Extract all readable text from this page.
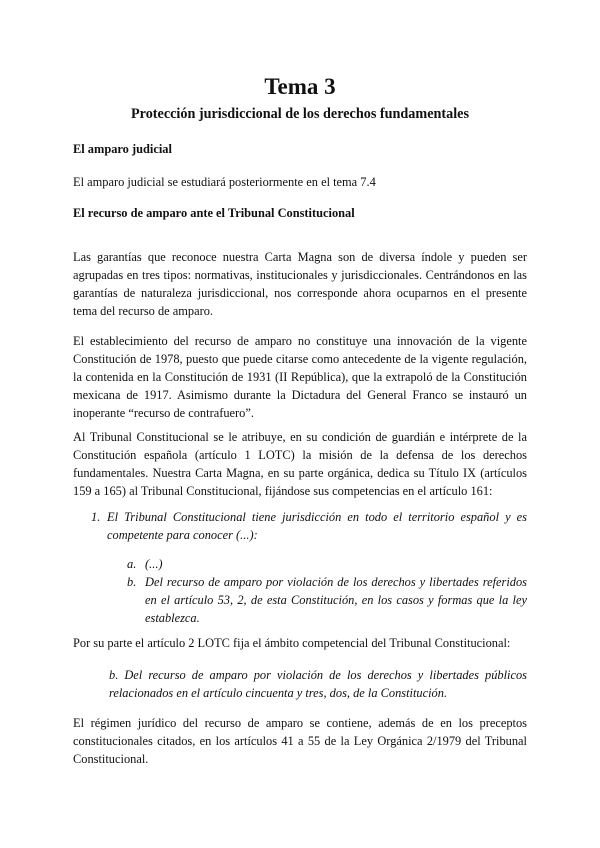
Tema 3
Protección jurisdiccional de los derechos fundamentales
El amparo judicial

El amparo judicial se estudiará posteriormente en el tema 7.4

El recurso de amparo ante el Tribunal Constitucional

Las garantías que reconoce nuestra Carta Magna son de diversa índole y pueden ser agrupadas en tres tipos: normativas, institucionales y jurisdiccionales. Centrándonos en las garantías de naturaleza jurisdiccional, nos corresponde ahora ocuparnos en el presente tema del recurso de amparo.

El establecimiento del recurso de amparo no constituye una innovación de la vigente Constitución de 1978, puesto que puede citarse como antecedente de la vigente regulación, la contenida en la Constitución de 1931 (II República), que la extrapoló de la Constitución mexicana de 1917. Asimismo durante la Dictadura del General Franco se instauró un inoperante “recurso de contrafuero”.

Al Tribunal Constitucional se le atribuye, en su condición de guardián e intérprete de la Constitución española (artículo 1 LOTC) la misión de la defensa de los derechos fundamentales. Nuestra Carta Magna, en su parte orgánica, dedica su Título IX (artículos 159 a 165) al Tribunal Constitucional, fijándose sus competencias en el artículo 161:

1. El Tribunal Constitucional tiene jurisdicción en todo el territorio español y es competente para conocer (...):
a. (...)
b. Del recurso de amparo por violación de los derechos y libertades referidos en el artículo 53, 2, de esta Constitución, en los casos y formas que la ley establezca.

Por su parte el artículo 2 LOTC fija el ámbito competencial del Tribunal Constitucional:

b. Del recurso de amparo por violación de los derechos y libertades públicos relacionados en el artículo cincuenta y tres, dos, de la Constitución.

El régimen jurídico del recurso de amparo se contiene, además de en los preceptos constitucionales citados, en los artículos 41 a 55 de la Ley Orgánica 2/1979 del Tribunal Constitucional.
